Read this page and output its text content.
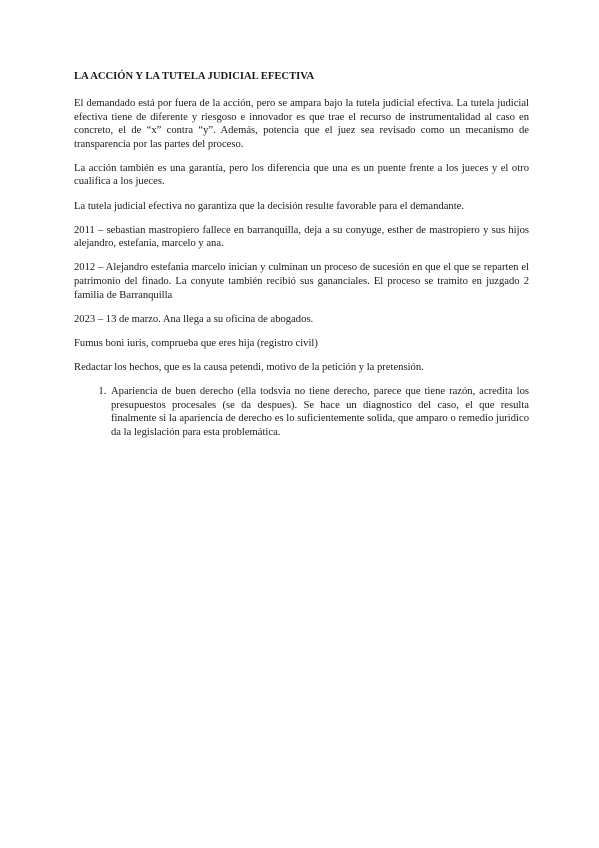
LA ACCIÓN Y LA TUTELA JUDICIAL EFECTIVA

El demandado está por fuera de la acción, pero se ampara bajo la tutela judicial efectiva. La tutela judicial efectiva tiene de diferente y riesgoso e innovador es que trae el recurso de instrumentalidad al caso en concreto, el de “x” contra “y”. Además, potencia que el juez sea revisado como un mecanismo de transparencia por las partes del proceso.

La acción también es una garantía, pero los diferencia que una es un puente frente a los jueces y el otro cualifica a los jueces.

La tutela judicial efectiva no garantiza que la decisión resulte favorable para el demandante.

2011 – sebastian mastropiero fallece en barranquilla, deja a su conyuge, esther de mastropiero y sus hijos alejandro, estefania, marcelo y ana.

2012 – Alejandro estefania marcelo inician y culminan un proceso de sucesión en que el que se reparten el patrimonio del finado. La conyute también recibió sus gananciales. El proceso se tramito en juzgado 2 familia de Barranquilla

2023 – 13 de marzo. Ana llega a su oficina de abogados.

Fumus boni iuris, comprueba que eres hija (registro civil)

Redactar los hechos, que es la causa petendi, motivo de la petición y la pretensión.

1. Apariencia de buen derecho (ella todsvia no tiene derecho, parece que tiene razón, acredita los presupuestos procesales (se da despues). Se hace un diagnostico del caso, el que resulta finalmente si la apariencia de derecho es lo suficientemente solida, que amparo o remedio juridico da la legislación para esta problemática.
